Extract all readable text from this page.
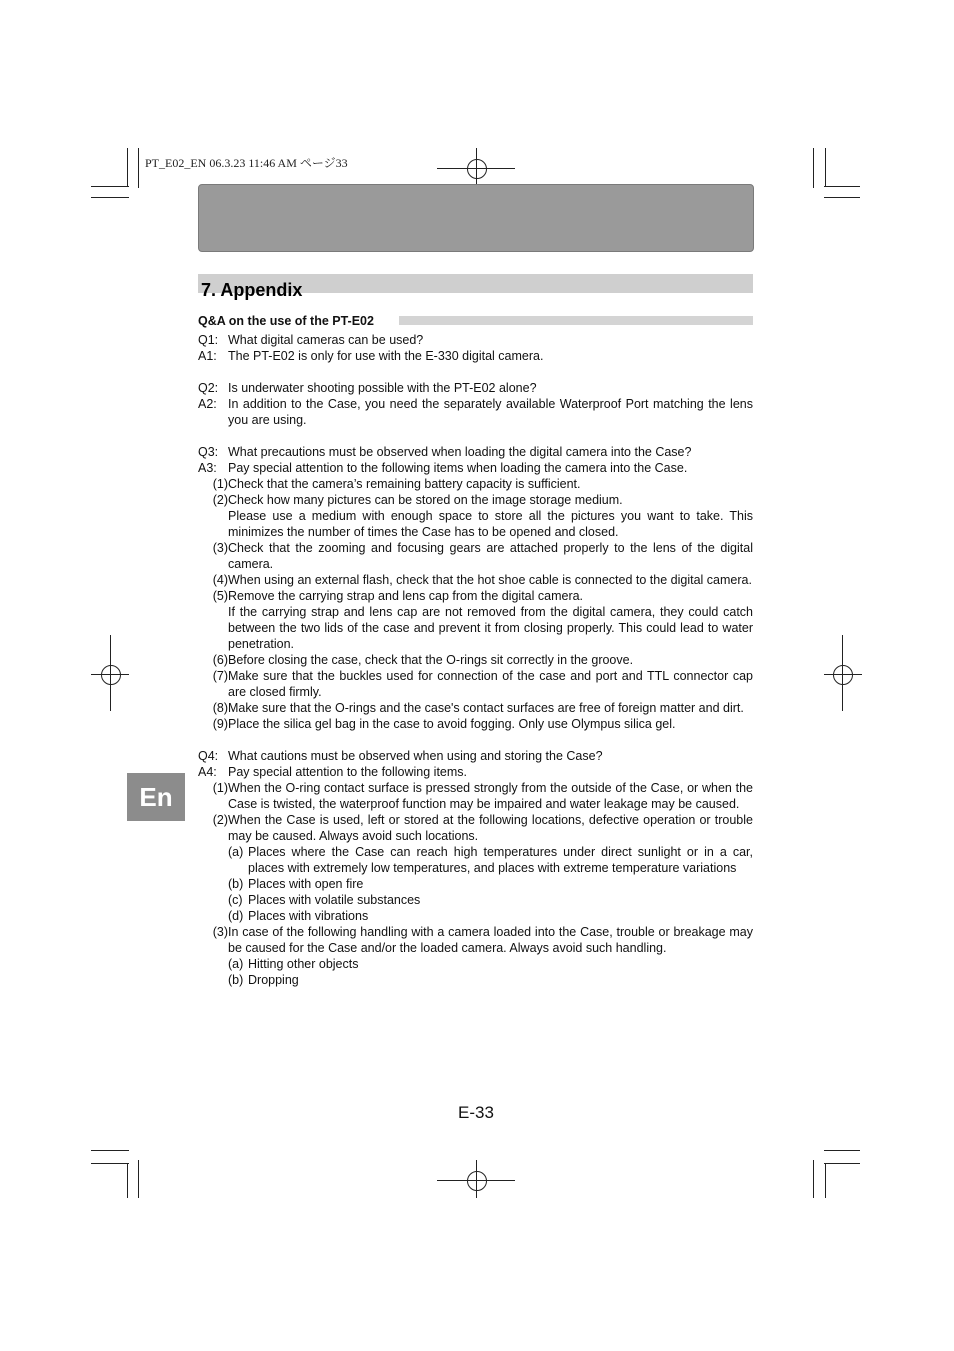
PT_E02_EN 06.3.23 11:46 AM ページ33
7. Appendix
Q&A on the use of the PT-E02
Q1: What digital cameras can be used?
A1: The PT-E02 is only for use with the E-330 digital camera.
Q2: Is underwater shooting possible with the PT-E02 alone?
A2: In addition to the Case, you need the separately available Waterproof Port matching the lens you are using.
Q3: What precautions must be observed when loading the digital camera into the Case?
A3: Pay special attention to the following items when loading the camera into the Case.
(1) Check that the camera’s remaining battery capacity is sufficient.
(2) Check how many pictures can be stored on the image storage medium.
Please use a medium with enough space to store all the pictures you want to take. This minimizes the number of times the Case has to be opened and closed.
(3) Check that the zooming and focusing gears are attached properly to the lens of the digital camera.
(4) When using an external flash, check that the hot shoe cable is connected to the digital camera.
(5) Remove the carrying strap and lens cap from the digital camera.
If the carrying strap and lens cap are not removed from the digital camera, they could catch between the two lids of the case and prevent it from closing properly. This could lead to water penetration.
(6) Before closing the case, check that the O-rings sit correctly in the groove.
(7) Make sure that the buckles used for connection of the case and port and TTL connector cap are closed firmly.
(8) Make sure that the O-rings and the case's contact surfaces are free of foreign matter and dirt.
(9) Place the silica gel bag in the case to avoid fogging. Only use Olympus silica gel.
Q4: What cautions must be observed when using and storing the Case?
A4: Pay special attention to the following items.
(1) When the O-ring contact surface is pressed strongly from the outside of the Case, or when the Case is twisted, the waterproof function may be impaired and water leakage may be caused.
(2) When the Case is used, left or stored at the following locations, defective operation or trouble may be caused. Always avoid such locations.
(a) Places where the Case can reach high temperatures under direct sunlight or in a car, places with extremely low temperatures, and places with extreme temperature variations
(b) Places with open fire
(c) Places with volatile substances
(d) Places with vibrations
(3) In case of the following handling with a camera loaded into the Case, trouble or breakage may be caused for the Case and/or the loaded camera. Always avoid such handling.
(a) Hitting other objects
(b) Dropping
En
E-33
